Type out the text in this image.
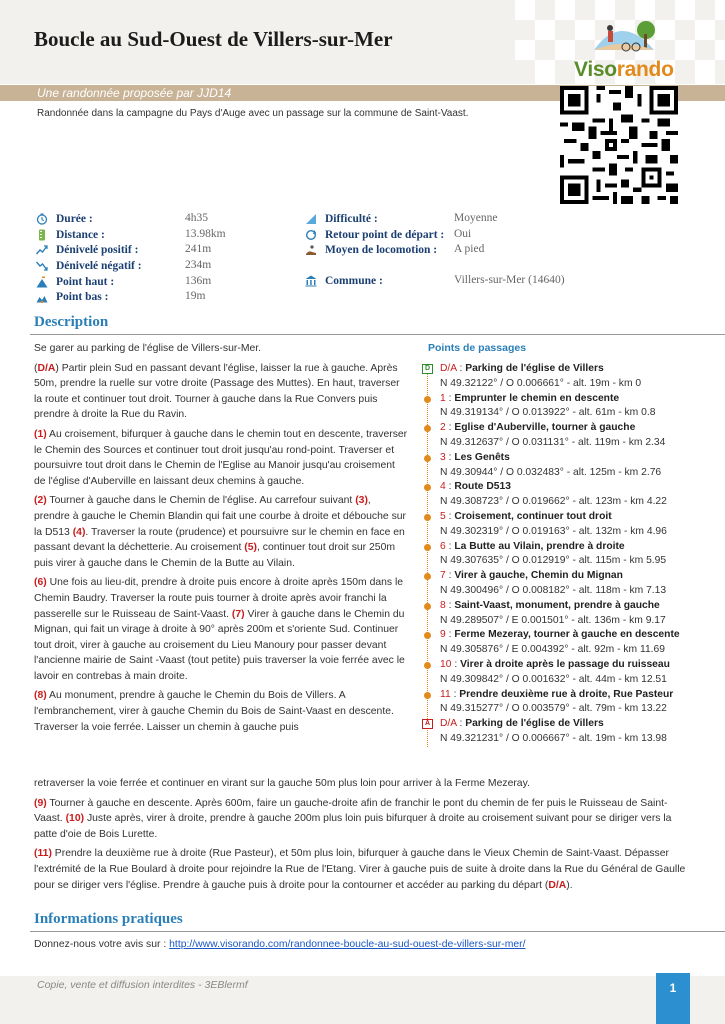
Boucle au Sud-Ouest de Villers-sur-Mer
Visorando
Une randonnée proposée par JJD14
Randonnée dans la campagne du Pays d'Auge avec un passage sur la commune de Saint-Vaast.
Durée :	4h35
Distance :	13.98km
Dénivelé positif :	241m
Dénivelé négatif :	234m
Point haut :	136m
Point bas :	19m
Difficulté :	Moyenne
Retour point de départ : Oui
Moyen de locomotion : A pied
Commune :	Villers-sur-Mer (14640)
Description

Se garer au parking de l'église de Villers-sur-Mer.

(D/A) Partir plein Sud en passant devant l'église, laisser la rue à gauche. Après 50m, prendre la ruelle sur votre droite (Passage des Muttes). En haut, traverser la route et continuer tout droit. Tourner à gauche dans la Rue Convers puis prendre à droite la Rue du Ravin.

(1) Au croisement, bifurquer à gauche dans le chemin tout en descente, traverser le Chemin des Sources et continuer tout droit jusqu'au rond-point. Traverser et poursuivre tout droit dans le Chemin de l'Eglise au Manoir jusqu'au croisement de l'église d'Auberville en laissant deux chemins à gauche.

(2) Tourner à gauche dans le Chemin de l'église. Au carrefour suivant (3), prendre à gauche le Chemin Blandin qui fait une courbe à droite et débouche sur la D513 (4). Traverser la route (prudence) et poursuivre sur le chemin en face en passant devant la déchetterie. Au croisement (5), continuer tout droit sur 250m puis virer à gauche dans le Chemin de la Butte au Vilain.

(6) Une fois au lieu-dit, prendre à droite puis encore à droite après 150m dans le Chemin Baudry. Traverser la route puis tourner à droite après avoir franchi la passerelle sur le Ruisseau de Saint-Vaast. (7) Virer à gauche dans le Chemin du Mignan, qui fait un virage à droite à 90° après 200m et s'oriente Sud. Continuer tout droit, virer à gauche au croisement du Lieu Manoury pour passer devant l'ancienne mairie de Saint -Vaast (tout petite) puis traverser la voie ferrée avec le lavoir en contrebas à main droite.

(8) Au monument, prendre à gauche le Chemin du Bois de Villers. A l'embranchement, virer à gauche Chemin du Bois de Saint-Vaast en descente. Traverser la voie ferrée. Laisser un chemin à gauche puis

retraverser la voie ferrée et continuer en virant sur la gauche 50m plus loin pour arriver à la Ferme Mezeray.

(9) Tourner à gauche en descente. Après 600m, faire un gauche-droite afin de franchir le pont du chemin de fer puis le Ruisseau de Saint-Vaast. (10) Juste après, virer à droite, prendre à gauche 200m plus loin puis bifurquer à droite au croisement suivant pour se diriger vers la patte d'oie de Bois Lurette.

(11) Prendre la deuxième rue à droite (Rue Pasteur), et 50m plus loin, bifurquer à gauche dans le Vieux Chemin de Saint-Vaast. Dépasser l'extrémité de la Rue Boulard à droite pour rejoindre la Rue de l'Etang. Virer à gauche puis de suite à droite dans la Rue du Général de Gaulle pour se diriger vers l'église. Prendre à gauche puis à droite pour la contourner et accéder au parking du départ (D/A).

Points de passages
D D/A : Parking de l'église de Villers
N 49.32122° / O 0.006661° - alt. 19m - km 0
1 : Emprunter le chemin en descente
N 49.319134° / O 0.013922° - alt. 61m - km 0.8
2 : Eglise d'Auberville, tourner à gauche
N 49.312637° / O 0.031131° - alt. 119m - km 2.34
3 : Les Genêts
N 49.30944° / O 0.032483° - alt. 125m - km 2.76
4 : Route D513
N 49.308723° / O 0.019662° - alt. 123m - km 4.22
5 : Croisement, continuer tout droit
N 49.302319° / O 0.019163° - alt. 132m - km 4.96
6 : La Butte au Vilain, prendre à droite
N 49.307635° / O 0.012919° - alt. 115m - km 5.95
7 : Virer à gauche, Chemin du Mignan
N 49.300496° / O 0.008182° - alt. 118m - km 7.13
8 : Saint-Vaast, monument, prendre à gauche
N 49.289507° / E 0.001501° - alt. 136m - km 9.17
9 : Ferme Mezeray, tourner à gauche en descente
N 49.305876° / E 0.004392° - alt. 92m - km 11.69
10 : Virer à droite après le passage du ruisseau
N 49.309842° / O 0.001632° - alt. 44m - km 12.51
11 : Prendre deuxième rue à droite, Rue Pasteur
N 49.315277° / O 0.003579° - alt. 79m - km 13.22
A D/A : Parking de l'église de Villers
N 49.321231° / O 0.006667° - alt. 19m - km 13.98
Informations pratiques
Donnez-nous votre avis sur : http://www.visorando.com/randonnee-boucle-au-sud-ouest-de-villers-sur-mer/
Copie, vente et diffusion interdites - 3EBlermf	1
